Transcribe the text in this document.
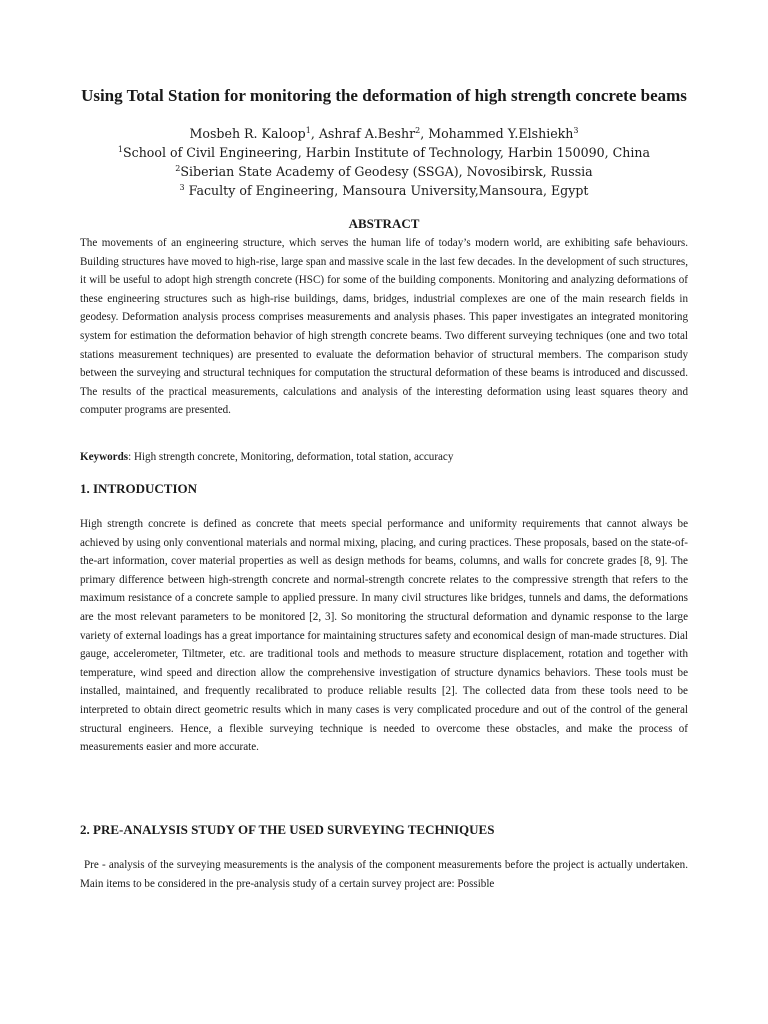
Using Total Station for monitoring the deformation of high strength concrete beams
Mosbeh R. Kaloop$^1$, Ashraf A.Beshr$^2$, Mohammed Y.Elshiekh$^3$
$^1$School of Civil Engineering, Harbin Institute of Technology, Harbin 150090, China
$^2$Siberian State Academy of Geodesy (SSGA), Novosibirsk, Russia
$^3$ Faculty of Engineering, Mansoura University,Mansoura, Egypt
ABSTRACT

The movements of an engineering structure, which serves the human life of today’s modern world, are exhibiting safe behaviours. Building structures have moved to high-rise, large span and massive scale in the last few decades. In the development of such structures, it will be useful to adopt high strength concrete (HSC) for some of the building components. Monitoring and analyzing deformations of these engineering structures such as high-rise buildings, dams, bridges, industrial complexes are one of the main research fields in geodesy. Deformation analysis process comprises measurements and analysis phases. This paper investigates an integrated monitoring system for estimation the deformation behavior of high strength concrete beams. Two different surveying techniques (one and two total stations measurement techniques) are presented to evaluate the deformation behavior of structural members. The comparison study between the surveying and structural techniques for computation the structural deformation of these beams is introduced and discussed. The results of the practical measurements, calculations and analysis of the interesting deformation using least squares theory and computer programs are presented.

Keywords: High strength concrete, Monitoring, deformation, total station, accuracy

1. INTRODUCTION

High strength concrete is defined as concrete that meets special performance and uniformity requirements that cannot always be achieved by using only conventional materials and normal mixing, placing, and curing practices. These proposals, based on the state-of-the-art information, cover material properties as well as design methods for beams, columns, and walls for concrete grades [8, 9]. The primary difference between high-strength concrete and normal-strength concrete relates to the compressive strength that refers to the maximum resistance of a concrete sample to applied pressure. In many civil structures like bridges, tunnels and dams, the deformations are the most relevant parameters to be monitored [2, 3]. So monitoring the structural deformation and dynamic response to the large variety of external loadings has a great importance for maintaining structures safety and economical design of man-made structures. Dial gauge, accelerometer, Tiltmeter, etc. are traditional tools and methods to measure structure displacement, rotation and together with temperature, wind speed and direction allow the comprehensive investigation of structure dynamics behaviors. These tools must be installed, maintained, and frequently recalibrated to produce reliable results [2]. The collected data from these tools need to be interpreted to obtain direct geometric results which in many cases is very complicated procedure and out of the control of the general structural engineers. Hence, a flexible surveying technique is needed to overcome these obstacles, and make the process of measurements easier and more accurate.

2. PRE-ANALYSIS STUDY OF THE USED SURVEYING TECHNIQUES

Pre - analysis of the surveying measurements is the analysis of the component measurements before the project is actually undertaken. Main items to be considered in the pre-analysis study of a certain survey project are: Possible
